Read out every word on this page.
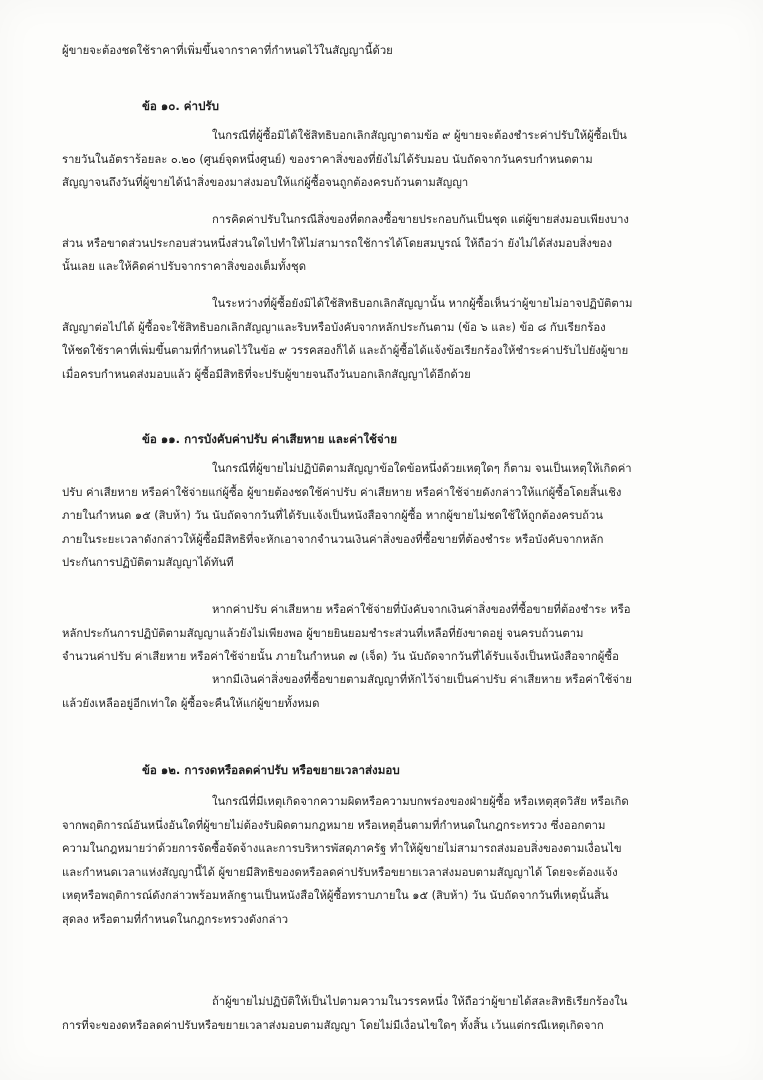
ผู้ขายจะต้องชดใช้ราคาที่เพิ่มขึ้นจากราคาที่กำหนดไว้ในสัญญานี้ด้วย
ข้อ ๑๐. ค่าปรับ
ในกรณีที่ผู้ซื้อมิได้ใช้สิทธิบอกเลิกสัญญาตามข้อ ๙ ผู้ขายจะต้องชำระค่าปรับให้ผู้ซื้อเป็น
รายวันในอัตราร้อยละ ๐.๒๐ (ศูนย์จุดหนึ่งศูนย์) ของราคาสิ่งของที่ยังไม่ได้รับมอบ นับถัดจากวันครบกำหนดตาม
สัญญาจนถึงวันที่ผู้ขายได้นำสิ่งของมาส่งมอบให้แก่ผู้ซื้อจนถูกต้องครบถ้วนตามสัญญา
การคิดค่าปรับในกรณีสิ่งของที่ตกลงซื้อขายประกอบกันเป็นชุด แต่ผู้ขายส่งมอบเพียงบาง
ส่วน หรือขาดส่วนประกอบส่วนหนึ่งส่วนใดไปทำให้ไม่สามารถใช้การได้โดยสมบูรณ์ ให้ถือว่า ยังไม่ได้ส่งมอบสิ่งของ
นั้นเลย และให้คิดค่าปรับจากราคาสิ่งของเต็มทั้งชุด
ในระหว่างที่ผู้ซื้อยังมิได้ใช้สิทธิบอกเลิกสัญญานั้น หากผู้ซื้อเห็นว่าผู้ขายไม่อาจปฏิบัติตาม
สัญญาต่อไปได้ ผู้ซื้อจะใช้สิทธิบอกเลิกสัญญาและริบหรือบังคับจากหลักประกันตาม (ข้อ ๖ และ) ข้อ ๘ กับเรียกร้อง
ให้ชดใช้ราคาที่เพิ่มขึ้นตามที่กำหนดไว้ในข้อ ๙ วรรคสองก็ได้ และถ้าผู้ซื้อได้แจ้งข้อเรียกร้องให้ชำระค่าปรับไปยังผู้ขาย
เมื่อครบกำหนดส่งมอบแล้ว ผู้ซื้อมีสิทธิที่จะปรับผู้ขายจนถึงวันบอกเลิกสัญญาได้อีกด้วย
ข้อ ๑๑. การบังคับค่าปรับ ค่าเสียหาย และค่าใช้จ่าย
ในกรณีที่ผู้ขายไม่ปฏิบัติตามสัญญาข้อใดข้อหนึ่งด้วยเหตุใดๆ ก็ตาม จนเป็นเหตุให้เกิดค่า
ปรับ ค่าเสียหาย หรือค่าใช้จ่ายแก่ผู้ซื้อ ผู้ขายต้องชดใช้ค่าปรับ ค่าเสียหาย หรือค่าใช้จ่ายดังกล่าวให้แก่ผู้ซื้อโดยสิ้นเชิง
ภายในกำหนด ๑๕ (สิบห้า) วัน นับถัดจากวันที่ได้รับแจ้งเป็นหนังสือจากผู้ซื้อ หากผู้ขายไม่ชดใช้ให้ถูกต้องครบถ้วน
ภายในระยะเวลาดังกล่าวให้ผู้ซื้อมีสิทธิที่จะหักเอาจากจำนวนเงินค่าสิ่งของที่ซื้อขายที่ต้องชำระ หรือบังคับจากหลัก
ประกันการปฏิบัติตามสัญญาได้ทันที
หากค่าปรับ ค่าเสียหาย หรือค่าใช้จ่ายที่บังคับจากเงินค่าสิ่งของที่ซื้อขายที่ต้องชำระ หรือ
หลักประกันการปฏิบัติตามสัญญาแล้วยังไม่เพียงพอ ผู้ขายยินยอมชำระส่วนที่เหลือที่ยังขาดอยู่ จนครบถ้วนตาม
จำนวนค่าปรับ ค่าเสียหาย หรือค่าใช้จ่ายนั้น ภายในกำหนด ๗ (เจ็ด) วัน นับถัดจากวันที่ได้รับแจ้งเป็นหนังสือจากผู้ซื้อ
หากมีเงินค่าสิ่งของที่ซื้อขายตามสัญญาที่หักไว้จ่ายเป็นค่าปรับ ค่าเสียหาย หรือค่าใช้จ่าย
แล้วยังเหลืออยู่อีกเท่าใด ผู้ซื้อจะคืนให้แก่ผู้ขายทั้งหมด
ข้อ ๑๒. การงดหรือลดค่าปรับ หรือขยายเวลาส่งมอบ
ในกรณีที่มีเหตุเกิดจากความผิดหรือความบกพร่องของฝ่ายผู้ซื้อ หรือเหตุสุดวิสัย หรือเกิด
จากพฤติการณ์อันหนึ่งอันใดที่ผู้ขายไม่ต้องรับผิดตามกฎหมาย หรือเหตุอื่นตามที่กำหนดในกฎกระทรวง ซึ่งออกตาม
ความในกฎหมายว่าด้วยการจัดซื้อจัดจ้างและการบริหารพัสดุภาครัฐ ทำให้ผู้ขายไม่สามารถส่งมอบสิ่งของตามเงื่อนไข
และกำหนดเวลาแห่งสัญญานี้ได้ ผู้ขายมีสิทธิของดหรือลดค่าปรับหรือขยายเวลาส่งมอบตามสัญญาได้ โดยจะต้องแจ้ง
เหตุหรือพฤติการณ์ดังกล่าวพร้อมหลักฐานเป็นหนังสือให้ผู้ซื้อทราบภายใน ๑๕ (สิบห้า) วัน นับถัดจากวันที่เหตุนั้นสิ้น
สุดลง หรือตามที่กำหนดในกฎกระทรวงดังกล่าว
ถ้าผู้ขายไม่ปฏิบัติให้เป็นไปตามความในวรรคหนึ่ง ให้ถือว่าผู้ขายได้สละสิทธิเรียกร้องใน
การที่จะของดหรือลดค่าปรับหรือขยายเวลาส่งมอบตามสัญญา โดยไม่มีเงื่อนไขใดๆ ทั้งสิ้น เว้นแต่กรณีเหตุเกิดจาก
